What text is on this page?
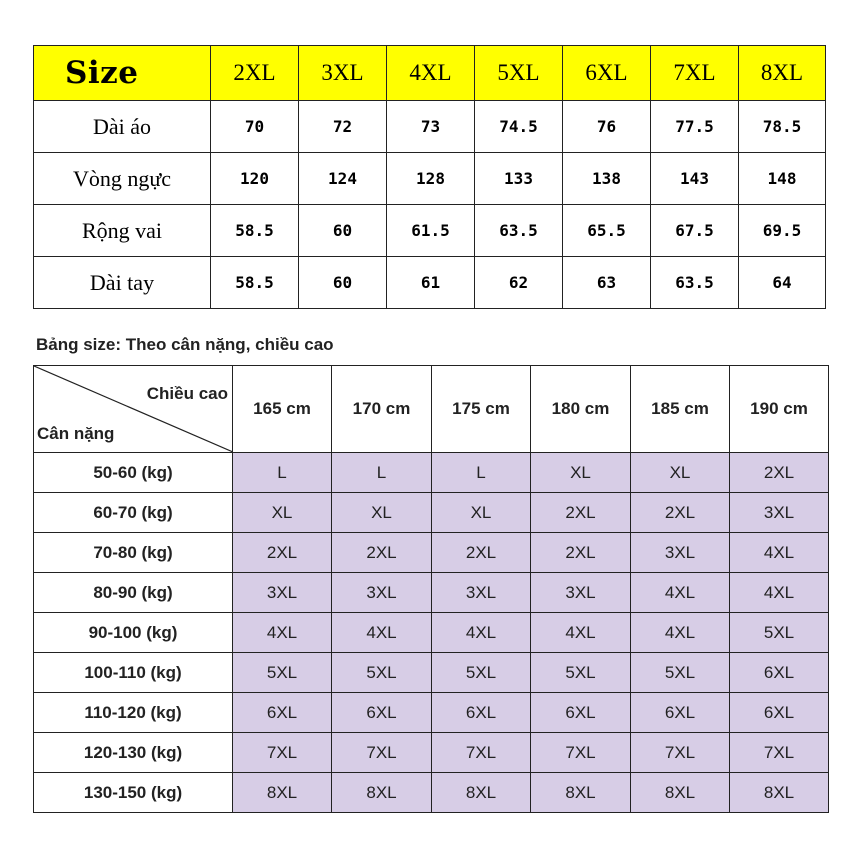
Size	2XL	3XL	4XL	5XL	6XL	7XL	8XL
Dài áo	70	72	73	74.5	76	77.5	78.5
Vòng ngực	120	124	128	133	138	143	148
Rộng vai	58.5	60	61.5	63.5	65.5	67.5	69.5
Dài tay	58.5	60	61	62	63	63.5	64
Bảng size: Theo cân nặng, chiều cao
Chiều cao
Cân nặng	165 cm	170 cm	175 cm	180 cm	185 cm	190 cm
50-60 (kg)	L	L	L	XL	XL	2XL
60-70 (kg)	XL	XL	XL	2XL	2XL	3XL
70-80 (kg)	2XL	2XL	2XL	2XL	3XL	4XL
80-90 (kg)	3XL	3XL	3XL	3XL	4XL	4XL
90-100 (kg)	4XL	4XL	4XL	4XL	4XL	5XL
100-110 (kg)	5XL	5XL	5XL	5XL	5XL	6XL
110-120 (kg)	6XL	6XL	6XL	6XL	6XL	6XL
120-130 (kg)	7XL	7XL	7XL	7XL	7XL	7XL
130-150 (kg)	8XL	8XL	8XL	8XL	8XL	8XL
